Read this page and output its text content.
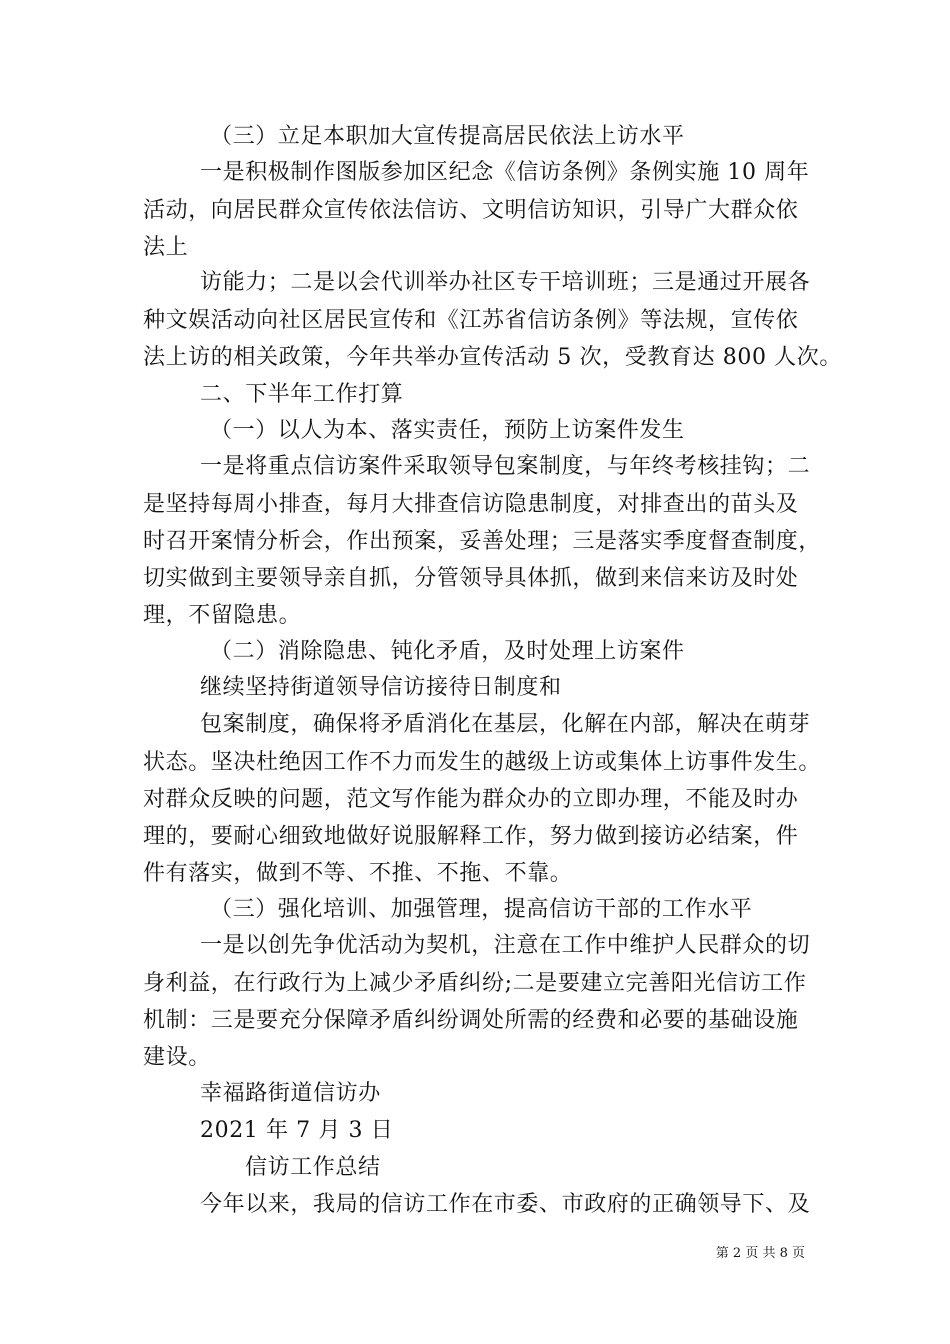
（三）立足本职加大宣传提高居民依法上访水平
一是积极制作图版参加区纪念《信访条例》条例实施 10 周年
活动，向居民群众宣传依法信访、文明信访知识，引导广大群众依
法上
访能力；二是以会代训举办社区专干培训班；三是通过开展各
种文娱活动向社区居民宣传和《江苏省信访条例》等法规，宣传依
法上访的相关政策，今年共举办宣传活动 5 次，受教育达 800 人次。
二、下半年工作打算
（一）以人为本、落实责任，预防上访案件发生
一是将重点信访案件采取领导包案制度，与年终考核挂钩；二
是坚持每周小排查，每月大排查信访隐患制度，对排查出的苗头及
时召开案情分析会，作出预案，妥善处理；三是落实季度督查制度，
切实做到主要领导亲自抓，分管领导具体抓，做到来信来访及时处
理，不留隐患。
（二）消除隐患、钝化矛盾，及时处理上访案件
继续坚持街道领导信访接待日制度和
包案制度，确保将矛盾消化在基层，化解在内部，解决在萌芽
状态。坚决杜绝因工作不力而发生的越级上访或集体上访事件发生。
对群众反映的问题，范文写作能为群众办的立即办理，不能及时办
理的，要耐心细致地做好说服解释工作，努力做到接访必结案，件
件有落实，做到不等、不推、不拖、不靠。
（三）强化培训、加强管理，提高信访干部的工作水平
一是以创先争优活动为契机，注意在工作中维护人民群众的切
身利益，在行政行为上减少矛盾纠纷;二是要建立完善阳光信访工作
机制：三是要充分保障矛盾纠纷调处所需的经费和必要的基础设施
建设。
幸福路街道信访办
2021 年 7 月 3 日
信访工作总结
今年以来，我局的信访工作在市委、市政府的正确领导下、及
第 2 页 共 8 页
